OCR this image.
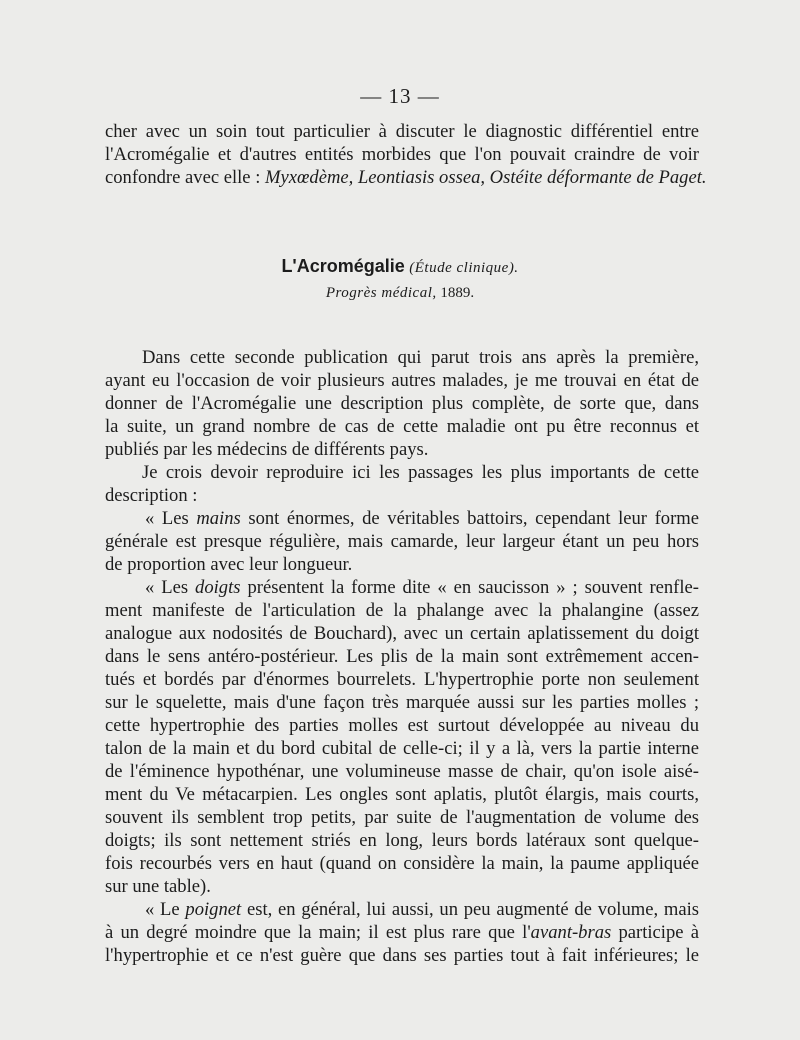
— 13 —
cher avec un soin tout particulier à discuter le diagnostic différentiel entre
l'Acromégalie et d'autres entités morbides que l'on pouvait craindre de voir
confondre avec elle : Myxœdème, Leontiasis ossea, Ostéite déformante de Paget.
L'Acromégalie (Étude clinique).
Progrès médical, 1889.
Dans cette seconde publication qui parut trois ans après la première,
ayant eu l'occasion de voir plusieurs autres malades, je me trouvai en état de
donner de l'Acromégalie une description plus complète, de sorte que, dans
la suite, un grand nombre de cas de cette maladie ont pu être reconnus et
publiés par les médecins de différents pays.
Je crois devoir reproduire ici les passages les plus importants de cette
description :
« Les mains sont énormes, de véritables battoirs, cependant leur forme
générale est presque régulière, mais camarde, leur largeur étant un peu hors
de proportion avec leur longueur.
« Les doigts présentent la forme dite « en saucisson » ; souvent renfle-
ment manifeste de l'articulation de la phalange avec la phalangine (assez
analogue aux nodosités de Bouchard), avec un certain aplatissement du doigt
dans le sens antéro-postérieur. Les plis de la main sont extrêmement accen-
tués et bordés par d'énormes bourrelets. L'hypertrophie porte non seulement
sur le squelette, mais d'une façon très marquée aussi sur les parties molles ;
cette hypertrophie des parties molles est surtout développée au niveau du
talon de la main et du bord cubital de celle-ci; il y a là, vers la partie interne
de l'éminence hypothénar, une volumineuse masse de chair, qu'on isole aisé-
ment du Ve métacarpien. Les ongles sont aplatis, plutôt élargis, mais courts,
souvent ils semblent trop petits, par suite de l'augmentation de volume des
doigts; ils sont nettement striés en long, leurs bords latéraux sont quelque-
fois recourbés vers en haut (quand on considère la main, la paume appliquée
sur une table).
« Le poignet est, en général, lui aussi, un peu augmenté de volume, mais
à un degré moindre que la main; il est plus rare que l'avant-bras participe à
l'hypertrophie et ce n'est guère que dans ses parties tout à fait inférieures; le
